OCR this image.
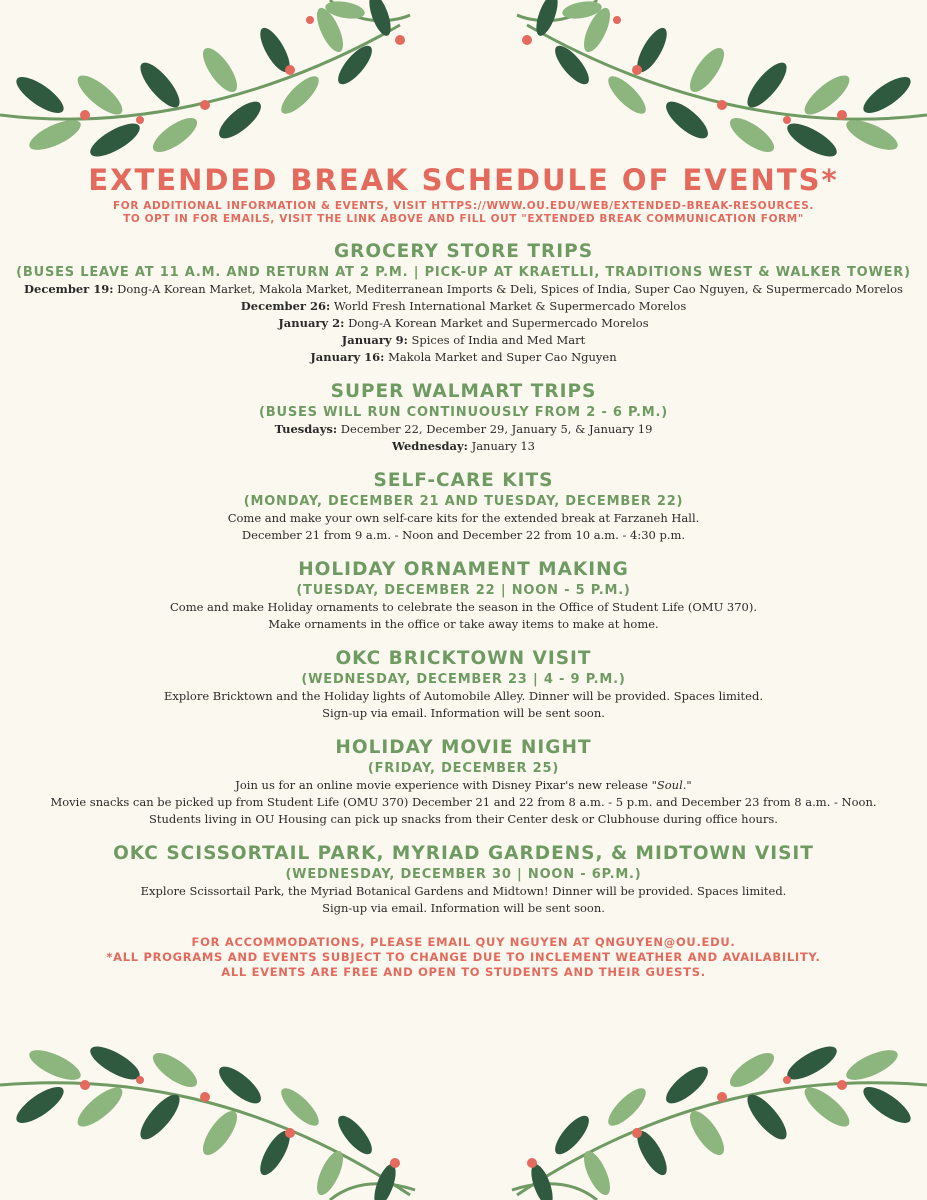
EXTENDED BREAK SCHEDULE OF EVENTS*
FOR ADDITIONAL INFORMATION & EVENTS, VISIT HTTPS://WWW.OU.EDU/WEB/EXTENDED-BREAK-RESOURCES.
TO OPT IN FOR EMAILS, VISIT THE LINK ABOVE AND FILL OUT "EXTENDED BREAK COMMUNICATION FORM"
GROCERY STORE TRIPS
(BUSES LEAVE AT 11 A.M. AND RETURN AT 2 P.M. | PICK-UP AT KRAETLLI, TRADITIONS WEST & WALKER TOWER)
December 19: Dong-A Korean Market, Makola Market, Mediterranean Imports & Deli, Spices of India, Super Cao Nguyen, & Supermercado Morelos
December 26: World Fresh International Market & Supermercado Morelos
January 2: Dong-A Korean Market and Supermercado Morelos
January 9: Spices of India and Med Mart
January 16: Makola Market and Super Cao Nguyen
SUPER WALMART TRIPS
(BUSES WILL RUN CONTINUOUSLY FROM 2 - 6 P.M.)
Tuesdays: December 22, December 29, January 5, & January 19
Wednesday: January 13
SELF-CARE KITS
(MONDAY, DECEMBER 21 AND TUESDAY, DECEMBER 22)
Come and make your own self-care kits for the extended break at Farzaneh Hall.
December 21 from 9 a.m. - Noon and December 22 from 10 a.m. - 4:30 p.m.
HOLIDAY ORNAMENT MAKING
(TUESDAY, DECEMBER 22 | NOON - 5 P.M.)
Come and make Holiday ornaments to celebrate the season in the Office of Student Life (OMU 370).
Make ornaments in the office or take away items to make at home.
OKC BRICKTOWN VISIT
(WEDNESDAY, DECEMBER 23 | 4 - 9 P.M.)
Explore Bricktown and the Holiday lights of Automobile Alley. Dinner will be provided. Spaces limited.
Sign-up via email. Information will be sent soon.
HOLIDAY MOVIE NIGHT
(FRIDAY, DECEMBER 25)
Join us for an online movie experience with Disney Pixar's new release "Soul."
Movie snacks can be picked up from Student Life (OMU 370) December 21 and 22 from 8 a.m. - 5 p.m. and December 23 from 8 a.m. - Noon.
Students living in OU Housing can pick up snacks from their Center desk or Clubhouse during office hours.
OKC SCISSORTAIL PARK, MYRIAD GARDENS, & MIDTOWN VISIT
(WEDNESDAY, DECEMBER 30 | NOON - 6P.M.)
Explore Scissortail Park, the Myriad Botanical Gardens and Midtown! Dinner will be provided. Spaces limited.
Sign-up via email. Information will be sent soon.
FOR ACCOMMODATIONS, PLEASE EMAIL QUY NGUYEN AT QNGUYEN@OU.EDU.
*ALL PROGRAMS AND EVENTS SUBJECT TO CHANGE DUE TO INCLEMENT WEATHER AND AVAILABILITY.
ALL EVENTS ARE FREE AND OPEN TO STUDENTS AND THEIR GUESTS.
